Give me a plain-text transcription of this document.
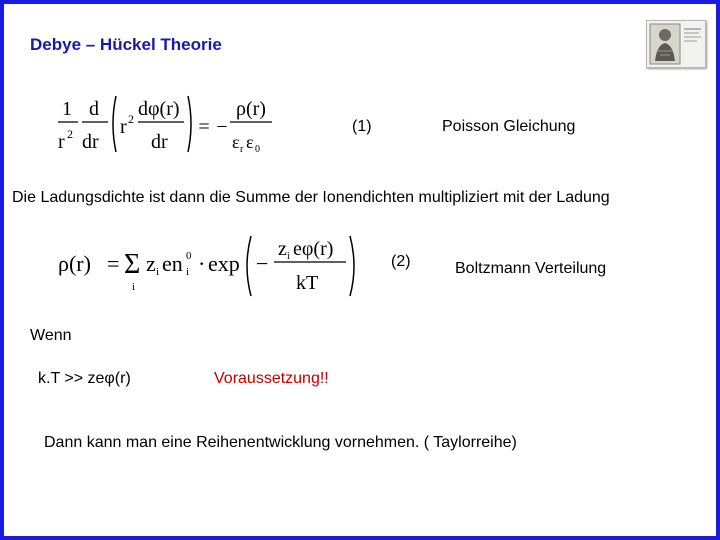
Debye – Hückel Theorie
1
r 2
d
dr
r 2 dφ(r)
dr
= −
ρ(r)
ε r ε 0
(1)	Poisson Gleichung
Die Ladungsdichte ist dann die Summe der Ionendichten multipliziert mit der Ladung
ρ(r) = Σ
i
z i en i
0 · exp −
z i eφ(r)
kT
(2)	Boltzmann Verteilung
Wenn
k.T >> zeφ(r)	Voraussetzung!!
Dann kann man eine Reihenentwicklung vornehmen. ( Taylorreihe)
